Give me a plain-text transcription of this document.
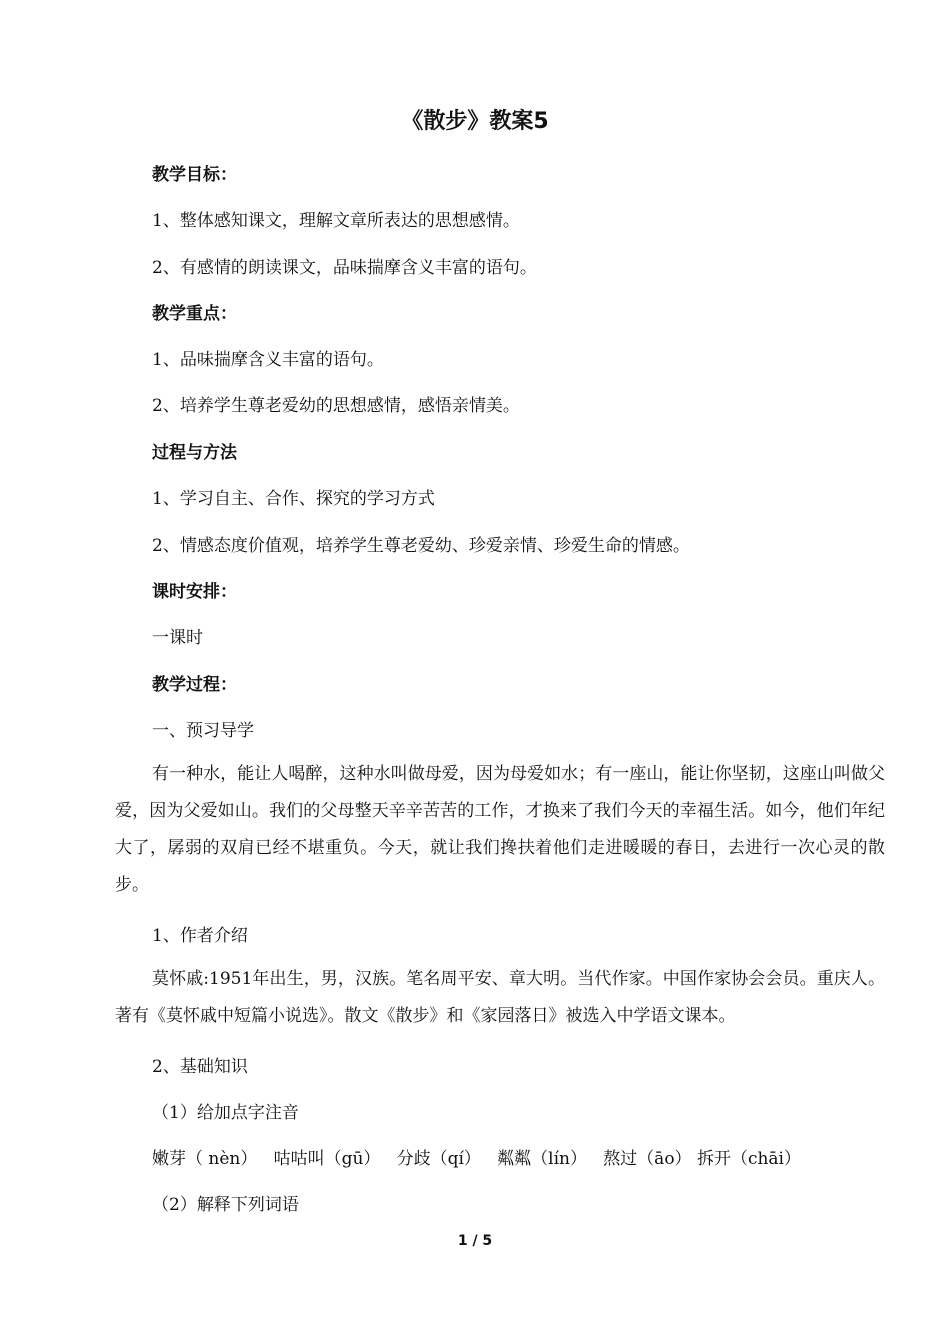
《散步》教案5
教学目标：
1、整体感知课文，理解文章所表达的思想感情。
2、有感情的朗读课文，品味揣摩含义丰富的语句。
教学重点：
1、品味揣摩含义丰富的语句。
2、培养学生尊老爱幼的思想感情，感悟亲情美。
过程与方法
1、学习自主、合作、探究的学习方式
2、情感态度价值观，培养学生尊老爱幼、珍爱亲情、珍爱生命的情感。
课时安排：
一课时
教学过程：
一、预习导学
有一种水，能让人喝醉，这种水叫做母爱，因为母爱如水；有一座山，能让你坚韧，这座山叫做父爱，因为父爱如山。我们的父母整天辛辛苦苦的工作，才换来了我们今天的幸福生活。如今，他们年纪大了，孱弱的双肩已经不堪重负。今天，就让我们搀扶着他们走进暖暖的春日，去进行一次心灵的散步。
1、作者介绍
莫怀戚:1951年出生，男，汉族。笔名周平安、章大明。当代作家。中国作家协会会员。重庆人。著有《莫怀戚中短篇小说选》。散文《散步》和《家园落日》被选入中学语文课本。
2、基础知识
（1）给加点字注音
嫩芽（ nèn）   咕咕叫（gū）   分歧（qí）   粼粼（lín）   熬过（āo） 拆开（chāi）
（2）解释下列词语
1 / 5
